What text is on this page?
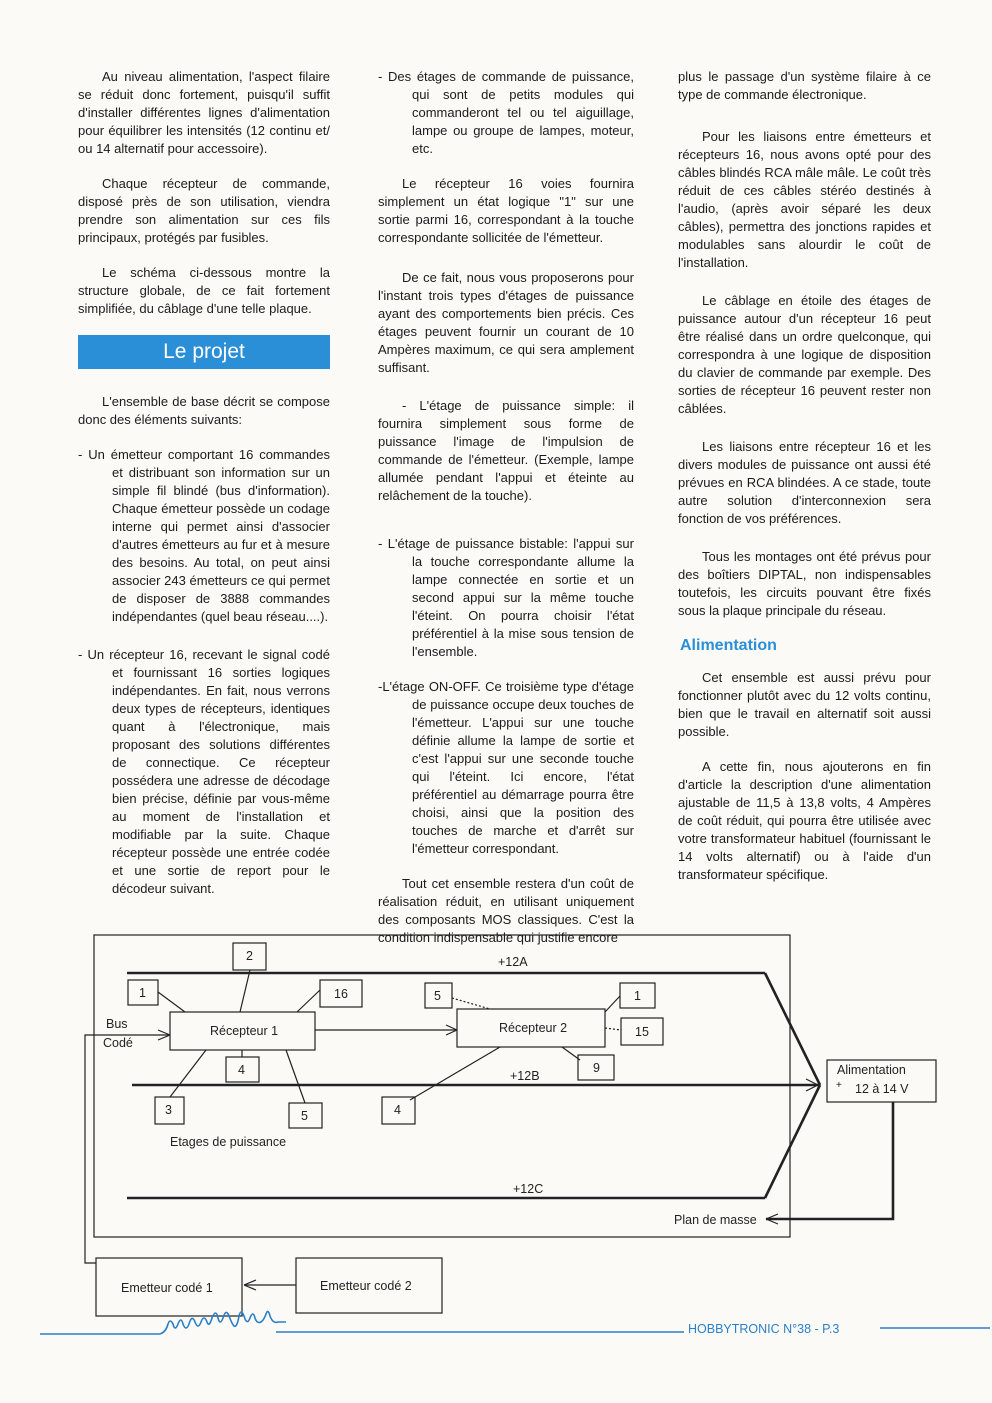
Au niveau alimentation, l'aspect filaire se réduit donc fortement, puisqu'il suffit d'installer différentes lignes d'alimentation pour équilibrer les intensités (12 continu et/ ou 14 alternatif pour accessoire).

Chaque récepteur de commande, disposé près de son utilisation, viendra prendre son alimentation sur ces fils principaux, protégés par fusibles.

Le schéma ci-dessous montre la structure globale, de ce fait fortement simplifiée, du câblage d'une telle plaque.

Le projet

L'ensemble de base décrit se compose donc des éléments suivants:

- Un émetteur comportant 16 commandes et distribuant son information sur un simple fil blindé (bus d'information). Chaque émetteur possède un codage interne qui permet ainsi d'associer d'autres émetteurs au fur et à mesure des besoins. Au total, on peut ainsi associer 243 émetteurs ce qui permet de disposer de 3888 commandes indépendantes (quel beau réseau....).

- Un récepteur 16, recevant le signal codé et fournissant 16 sorties logiques indépendantes. En fait, nous verrons deux types de récepteurs, identiques quant à l'électronique, mais proposant des solutions différentes de connectique. Ce récepteur possédera une adresse de décodage bien précise, définie par vous-même au moment de l'installation et modifiable par la suite. Chaque récepteur possède une entrée codée et une sortie de report pour le décodeur suivant.

- Des étages de commande de puissance, qui sont de petits modules qui commanderont tel ou tel aiguillage, lampe ou groupe de lampes, moteur, etc.

Le récepteur 16 voies fournira simplement un état logique "1" sur une sortie parmi 16, correspondant à la touche correspondante sollicitée de l'émetteur.

De ce fait, nous vous proposerons pour l'instant trois types d'étages de puissance ayant des comportements bien précis. Ces étages peuvent fournir un courant de 10 Ampères maximum, ce qui sera amplement suffisant.

- L'étage de puissance simple: il fournira simplement sous forme de puissance l'image de l'impulsion de commande de l'émetteur. (Exemple, lampe allumée pendant l'appui et éteinte au relâchement de la touche).

- L'étage de puissance bistable: l'appui sur la touche correspondante allume la lampe connectée en sortie et un second appui sur la même touche l'éteint. On pourra choisir l'état préférentiel à la mise sous tension de l'ensemble.

-L'étage ON-OFF. Ce troisième type d'étage de puissance occupe deux touches de l'émetteur. L'appui sur une touche définie allume la lampe de sortie et c'est l'appui sur une seconde touche qui l'éteint. Ici encore, l'état préférentiel au démarrage pourra être choisi, ainsi que la position des touches de marche et d'arrêt sur l'émetteur correspondant.

Tout cet ensemble restera d'un coût de réalisation réduit, en utilisant uniquement des composants MOS classiques. C'est la condition indispensable qui justifie encore

plus le passage d'un système filaire à ce type de commande électronique.

Pour les liaisons entre émetteurs et récepteurs 16, nous avons opté pour des câbles blindés RCA mâle mâle. Le coût très réduit de ces câbles stéréo destinés à l'audio, (après avoir séparé les deux câbles), permettra des jonctions rapides et modulables sans alourdir le coût de l'installation.

Le câblage en étoile des étages de puissance autour d'un récepteur 16 peut être réalisé dans un ordre quelconque, qui correspondra à une logique de disposition du clavier de commande par exemple. Des sorties de récepteur 16 peuvent rester non câblées.

Les liaisons entre récepteur 16 et les divers modules de puissance ont aussi été prévues en RCA blindées. A ce stade, toute autre solution d'interconnexion sera fonction de vos préférences.

Tous les montages ont été prévus pour des boîtiers DIPTAL, non indispensables toutefois, les circuits pouvant être fixés sous la plaque principale du réseau.

Alimentation

Cet ensemble est aussi prévu pour fonctionner plutôt avec du 12 volts continu, bien que le travail en alternatif soit aussi possible.

A cette fin, nous ajouterons en fin d'article la description d'une alimentation ajustable de 11,5 à 13,8 volts, 4 Ampères de coût réduit, qui pourra être utilisée avec votre transformateur habituel (fournissant le 14 volts alternatif) ou à l'aide d'un transformateur spécifique.

+12A
+12B
+12C
Bus
Codé
Récepteur 1	Récepteur 2
Etages de puissance
Plan de masse
Alimentation
+ 12 à 14 V
Emetteur codé 1	Emetteur codé 2
1
2
16
4
3	5
5	1
15
9
4
HOBBYTRONIC N°38 - P.3
